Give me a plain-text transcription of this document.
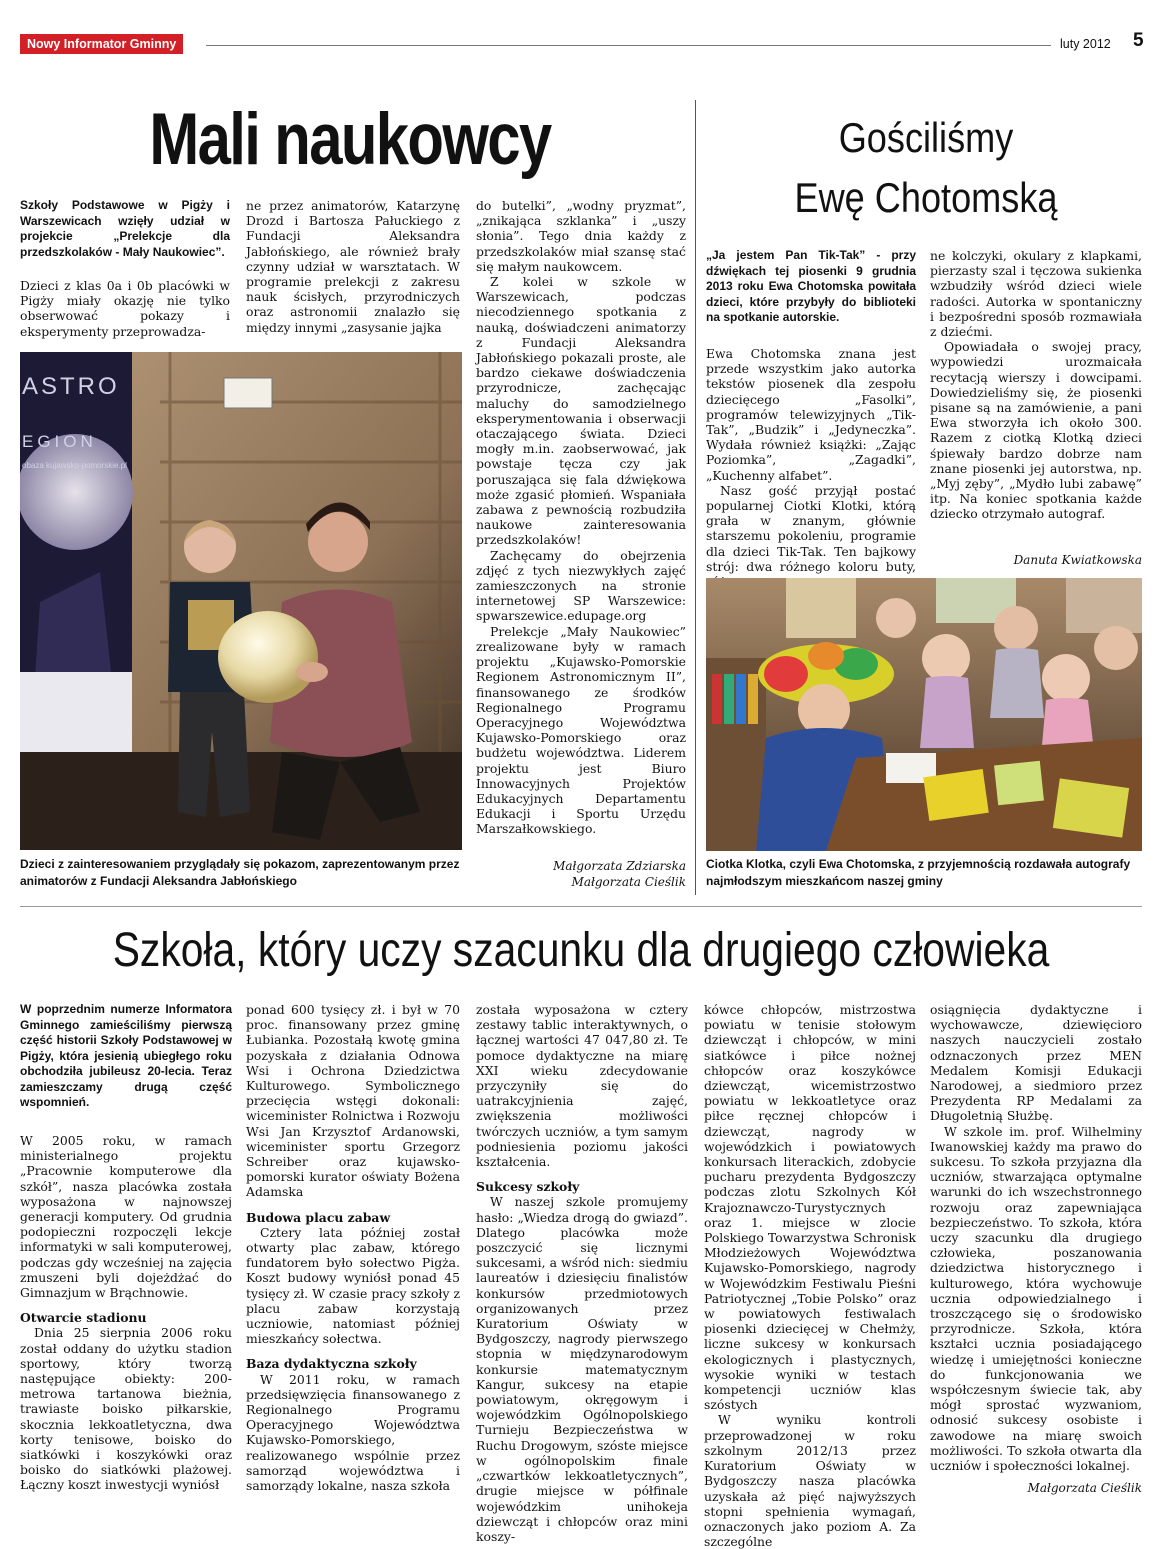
Nowy Informator Gminny	luty 2012 5
Mali naukowcy	Gościliśmy
Ewę Chotomską

Szkoły Podstawowe w Pigży i Warszewicach wzięły udział w projekcie „Prelekcje dla przedszkolaków - Mały Naukowiec”.

Dzieci z klas 0a i 0b placówki w Pigży miały okazję nie tylko obserwować pokazy i eksperymenty przeprowadza-

ne przez animatorów, Katarzynę Drozd i Bartosza Pałuckiego z Fundacji Aleksandra Jabłońskiego, ale również brały czynny udział w warsztatach. W programie prelekcji z zakresu nauk ścisłych, przyrodniczych oraz astronomii znalazło się między innymi „zasysanie jajka

do butelki”, „wodny pryzmat”, „znikająca szklanka” i „uszy słonia”. Tego dnia każdy z przedszkolaków miał szansę stać się małym naukowcem.

Z kolei w szkole w Warszewicach, podczas niecodziennego spotkania z nauką, doświadczeni animatorzy z Fundacji Aleksandra Jabłońskiego pokazali proste, ale bardzo ciekawe doświadczenia przyrodnicze, zachęcając maluchy do samodzielnego eksperymentowania i obserwacji otaczającego świata. Dzieci mogły m.in. zaobserwować, jak powstaje tęcza czy jak poruszająca się fala dźwiękowa może zgasić płomień. Wspaniała zabawa z pewnością rozbudziła naukowe zainteresowania przedszkolaków!

Zachęcamy do obejrzenia zdjęć z tych niezwykłych zajęć zamieszczonych na stronie internetowej SP Warszewice: spwarszewice.edupage.org

Prelekcje „Mały Naukowiec” zrealizowane były w ramach projektu „Kujawsko-Pomorskie Regionem Astronomicznym II”, finansowanego ze środków Regionalnego Programu Operacyjnego Województwa Kujawsko-Pomorskiego oraz budżetu województwa. Liderem projektu jest Biuro Innowacyjnych Projektów Edukacyjnych Departamentu Edukacji i Sportu Urzędu Marszałkowskiego.

ASTRO
EGION
obaza kujawsko-pomorskie.pl
Dzieci z zainteresowaniem przyglądały się pokazom, zaprezentowanym przez animatorów z Fundacji Aleksandra Jabłońskiego
Małgorzata Zdziarska
Małgorzata Cieślik

„Ja jestem Pan Tik-Tak” - przy dźwiękach tej piosenki 9 grudnia 2013 roku Ewa Chotomska powitała dzieci, które przybyły do biblioteki na spotkanie autorskie.

Ewa Chotomska znana jest przede wszystkim jako autorka tekstów piosenek dla zespołu dziecięcego „Fasolki”, programów telewizyjnych „Tik-Tak”, „Budzik” i „Jedyneczka”. Wydała również książki: „Zając Poziomka”, „Zagadki”, „Kuchenny alfabet”.

Nasz gość przyjął postać popularnej Ciotki Klotki, którą grała w znanym, głównie starszemu pokoleniu, programie dla dzieci Tik-Tak. Ten bajkowy strój: dwa różnego koloru buty,

ne kolczyki, okulary z klapkami, pierzasty szal i tęczowa sukienka wzbudziły wśród dzieci wiele radości. Autorka w spontaniczny i bezpośredni sposób rozmawiała z dziećmi.

Opowiadała o swojej pracy, wypowiedzi urozmaicała recytacją wierszy i dowcipami. Dowiedzieliśmy się, że piosenki pisane są na zamówienie, a pani Ewa stworzyła ich około 300. Razem z ciotką Klotką dzieci śpiewały bardzo dobrze nam znane piosenki jej autorstwa, np. „Myj zęby”, „Mydło lubi zabawę” itp. Na koniec spotkania każde dziecko otrzymało autograf.

Danuta Kwiatkowska
Ciotka Klotka, czyli Ewa Chotomska, z przyjemnością rozdawała autografy najmłodszym mieszkańcom naszej gminy
Szkoła, który uczy szacunku dla drugiego człowieka

W poprzednim numerze Informatora Gminnego zamieściliśmy pierwszą część historii Szkoły Podstawowej w Pigży, która jesienią ubiegłego roku obchodziła jubileusz 20-lecia. Teraz zamieszczamy drugą część wspomnień.

W 2005 roku, w ramach ministerialnego projektu „Pracownie komputerowe dla szkół”, nasza placówka została wyposażona w najnowszej generacji komputery. Od grudnia podopieczni rozpoczęli lekcje informatyki w sali komputerowej, podczas gdy wcześniej na zajęcia zmuszeni byli dojeżdżać do Gimnazjum w Brąchnowie.

Otwarcie stadionu

Dnia 25 sierpnia 2006 roku został oddany do użytku stadion sportowy, który tworzą następujące obiekty: 200- metrowa tartanowa bieżnia, trawiaste boisko piłkarskie, skocznia lekkoatletyczna, dwa korty tenisowe, boisko do siatkówki i koszykówki oraz boisko do siatkówki plażowej. Łączny koszt inwestycji wyniósł

ponad 600 tysięcy zł. i był w 70 proc. finansowany przez gminę Łubianka. Pozostałą kwotę gmina pozyskała z działania Odnowa Wsi i Ochrona Dziedzictwa Kulturowego. Symbolicznego przecięcia wstęgi dokonali: wiceminister Rolnictwa i Rozwoju Wsi Jan Krzysztof Ardanowski, wiceminister sportu Grzegorz Schreiber oraz kujawsko-pomorski kurator oświaty Bożena Adamska

Budowa placu zabaw

Cztery lata później został otwarty plac zabaw, którego fundatorem było sołectwo Pigża. Koszt budowy wyniósł ponad 45 tysięcy zł. W czasie pracy szkoły z placu zabaw korzystają uczniowie, natomiast później mieszkańcy sołectwa.

Baza dydaktyczna szkoły

W 2011 roku, w ramach przedsięwzięcia finansowanego z Regionalnego Programu Operacyjnego Województwa Kujawsko-Pomorskiego, realizowanego wspólnie przez samorząd województwa i samorządy lokalne, nasza szkoła

została wyposażona w cztery zestawy tablic interaktywnych, o łącznej wartości 47 047,80 zł. Te pomoce dydaktyczne na miarę XXI wieku zdecydowanie przyczyniły się do uatrakcyjnienia zajęć, zwiększenia możliwości twórczych uczniów, a tym samym podniesienia poziomu jakości kształcenia.

Sukcesy szkoły

W naszej szkole promujemy hasło: „Wiedza drogą do gwiazd”. Dlatego placówka może poszczycić się licznymi sukcesami, a wśród nich: siedmiu laureatów i dziesięciu finalistów konkursów przedmiotowych organizowanych przez Kuratorium Oświaty w Bydgoszczy, nagrody pierwszego stopnia w międzynarodowym konkursie matematycznym Kangur, sukcesy na etapie powiatowym, okręgowym i wojewódzkim Ogólnopolskiego Turnieju Bezpieczeństwa w Ruchu Drogowym, szóste miejsce w ogólnopolskim finale „czwartków lekkoatletycznych”, drugie miejsce w półfinale wojewódzkim unihokeja dziewcząt i chłopców oraz mini koszy-

kówce chłopców, mistrzostwa powiatu w tenisie stołowym dziewcząt i chłopców, w mini siatkówce i piłce nożnej chłopców oraz koszykówce dziewcząt, wicemistrzostwo powiatu w lekkoatletyce oraz piłce ręcznej chłopców i dziewcząt, nagrody w wojewódzkich i powiatowych konkursach literackich, zdobycie pucharu prezydenta Bydgoszczy podczas zlotu Szkolnych Kół Krajoznawczo-Turystycznych oraz 1. miejsce w zlocie Polskiego Towarzystwa Schronisk Młodzieżowych Województwa Kujawsko-Pomorskiego, nagrody w Wojewódzkim Festiwalu Pieśni Patriotycznej „Tobie Polsko” oraz w powiatowych festiwalach piosenki dziecięcej w Chełmży, liczne sukcesy w konkursach ekologicznych i plastycznych, wysokie wyniki w testach kompetencji uczniów klas szóstych

W wyniku kontroli przeprowadzonej w roku szkolnym 2012/13 przez Kuratorium Oświaty w Bydgoszczy nasza placówka uzyskała aż pięć najwyższych stopni spełnienia wymagań, oznaczonych jako poziom A. Za szczególne

osiągnięcia dydaktyczne i wychowawcze, dziewięcioro naszych nauczycieli zostało odznaczonych przez MEN Medalem Komisji Edukacji Narodowej, a siedmioro przez Prezydenta RP Medalami za Długoletnią Służbę.

W szkole im. prof. Wilhelminy Iwanowskiej każdy ma prawo do sukcesu. To szkoła przyjazna dla uczniów, stwarzająca optymalne warunki do ich wszechstronnego rozwoju oraz zapewniająca bezpieczeństwo. To szkoła, która uczy szacunku dla drugiego człowieka, poszanowania dziedzictwa historycznego i kulturowego, która wychowuje ucznia odpowiedzialnego i troszczącego się o środowisko przyrodnicze. Szkoła, która kształci ucznia posiadającego wiedzę i umiejętności konieczne do funkcjonowania we współczesnym świecie tak, aby mógł sprostać wyzwaniom, odnosić sukcesy osobiste i zawodowe na miarę swoich możliwości. To szkoła otwarta dla uczniów i społeczności lokalnej.

Małgorzata Cieślik
